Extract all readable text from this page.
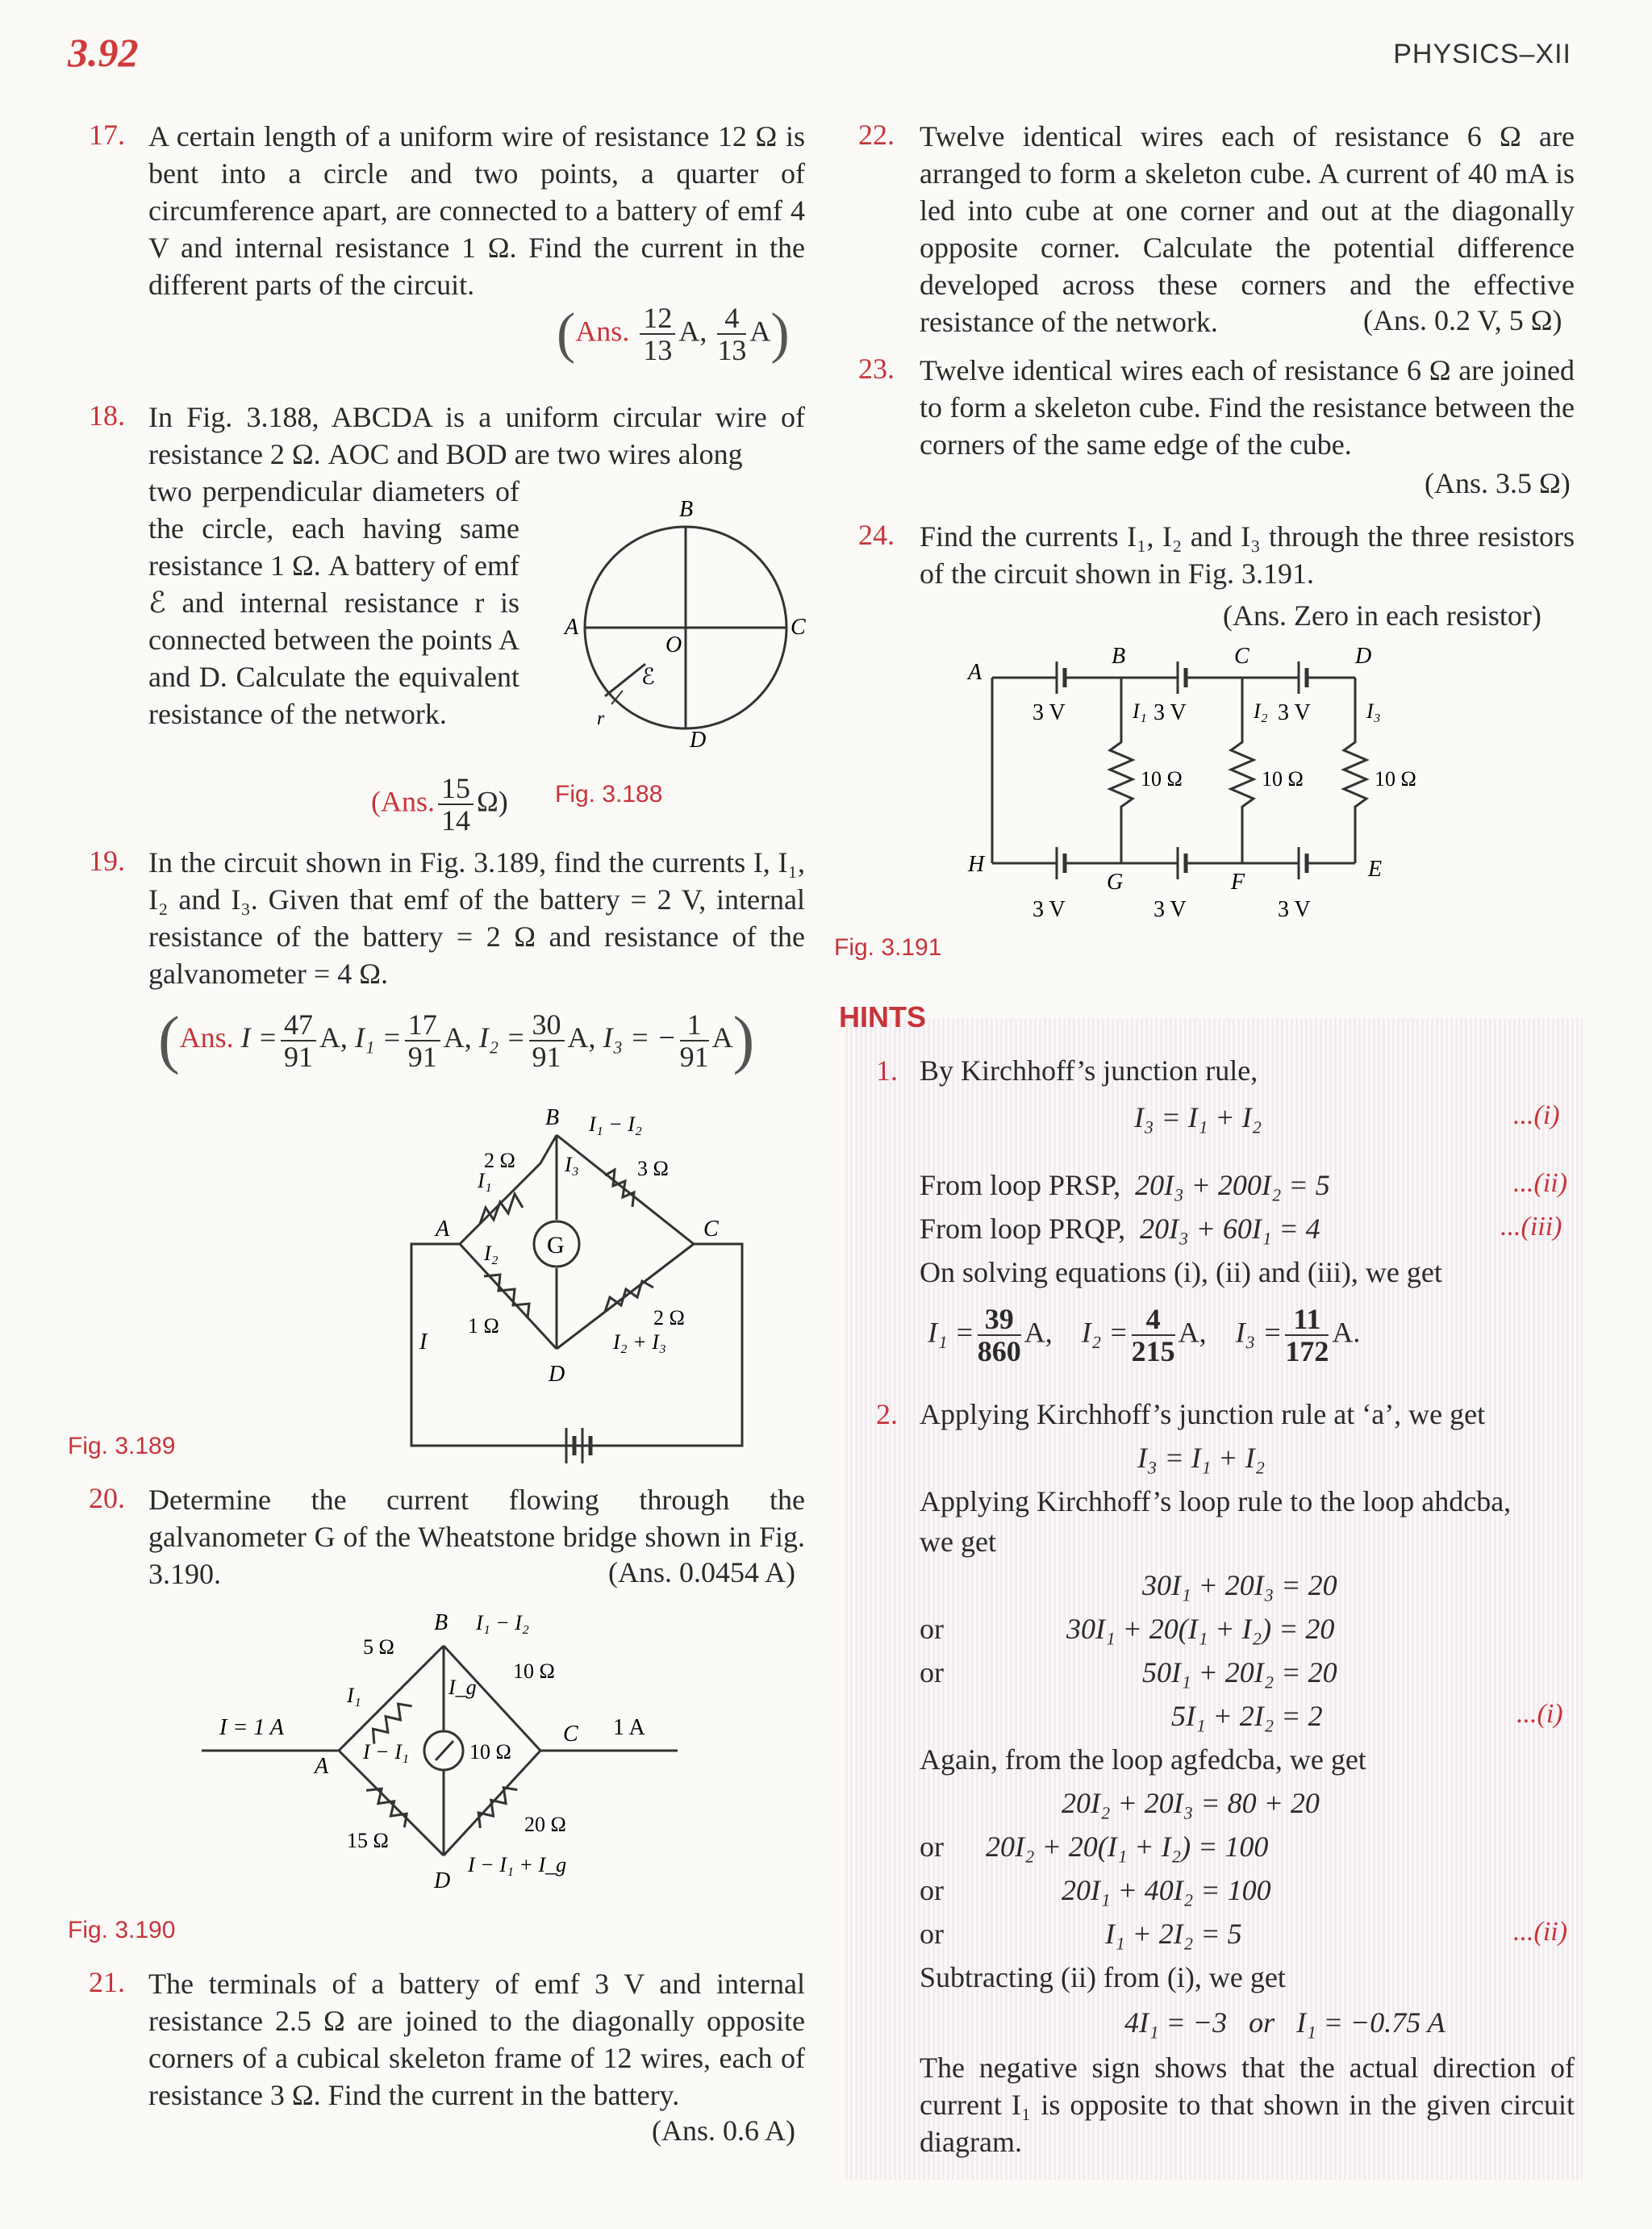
3.92	PHYSICS–XII
17. A certain length of a uniform wire of resistance 12 Ω is bent into a circle and two points, a quarter of circumference apart, are connected to a battery of emf 4 V and internal resistance 1 Ω. Find the current in the different parts of the circuit.
(Ans. $\frac{12}{13} A$, $\frac{4}{13} A$)
18. In Fig. 3.188, ABCDA is a uniform circular wire of resistance 2 Ω. AOC and BOD are two wires along
two perpendicular diameters of the circle, each having same resistance 1 Ω. A battery of emf ℰ and internal resistance r is connected between the points A and D. Calculate the equivalent resistance of the network.
B
A	C
D
O
ℰ
r
(Ans. $\frac{15}{14} \Omega$) Fig. 3.188
19. In the circuit shown in Fig. 3.189, find the currents I, I₁, I₂ and I₃. Given that emf of the battery = 2 V, internal resistance of the battery = 2 Ω and resistance of the galvanometer = 4 Ω.
(Ans. $I = \frac{47}{91} A$, $I_1 = \frac{17}{91} A$, $I_2 = \frac{30}{91} A$, I₃ = − $\frac{1}{91} A$)
G
B
A	C
D
I
I₁
I₂
I₃
I₁ − I₂
I₂ + I₃
2 Ω	3 Ω
1 Ω	2 Ω
Fig. 3.189
20. Determine the current flowing through the galvanometer G of the Wheatstone bridge shown in Fig. 3.190.	(Ans. 0.0454 A)
I = 1 A	1 A
A
B
C
D
I₁	I_g
I − I₁
I₁ − I₂
I − I₁ + I_g
5 Ω
10 Ω
15 Ω
20 Ω
10 Ω
Fig. 3.190
21. The terminals of a battery of emf 3 V and internal resistance 2.5 Ω are joined to the diagonally opposite corners of a cubical skeleton frame of 12 wires, each of resistance 3 Ω. Find the current in the battery.
(Ans. 0.6 A)
22. Twelve identical wires each of resistance 6 Ω are arranged to form a skeleton cube. A current of 40 mA is led into cube at one corner and out at the diagonally opposite corner. Calculate the potential difference developed across these corners and the effective resistance of the network.	(Ans. 0.2 V, 5 Ω)
23. Twelve identical wires each of resistance 6 Ω are joined to form a skeleton cube. Find the resistance between the corners of the same edge of the cube.
(Ans. 3.5 Ω)
24. Find the currents I₁, I₂ and I₃ through the three resistors of the circuit shown in Fig. 3.191.
(Ans. Zero in each resistor)
A
B	C	D
H
G	F
E
3 V	3 V	3 V
3 V	3 V	3 V
I₁	I₂	I₃
10 Ω	10 Ω	10 Ω
Fig. 3.191
HINTS
1. By Kirchhoff’s junction rule,
I₃ = I₁ + I₂	...(i)
From loop PRSP, 20I₃ + 200I₂ = 5	...(ii)
From loop PRQP, 20I₃ + 60I₁ = 4	...(iii)
On solving equations (i), (ii) and (iii), we get
$I_1 = \frac{39}{860} A$, $I_2 = \frac{4}{215} A$, $I_3 = \frac{11}{172} A$.
2. Applying Kirchhoff’s junction rule at ‘a’, we get
I₃ = I₁ + I₂
Applying Kirchhoff’s loop rule to the loop ahdcba,
we get
30I₁ + 20I₃ = 20
or	30I₁ + 20(I₁ + I₂) = 20
or	50I₁ + 20I₂ = 20
5I₁ + 2I₂ = 2	...(i)
Again, from the loop agfedcba, we get
20I₂ + 20I₃ = 80 + 20
or 20I₂ + 20(I₁ + I₂) = 100
or	20I₁ + 40I₂ = 100
or	I₁ + 2I₂ = 5	...(ii)
Subtracting (ii) from (i), we get
4I₁ = −3   or   I₁ = −0.75 A
The negative sign shows that the actual direction of current I₁ is opposite to that shown in the given circuit diagram.
